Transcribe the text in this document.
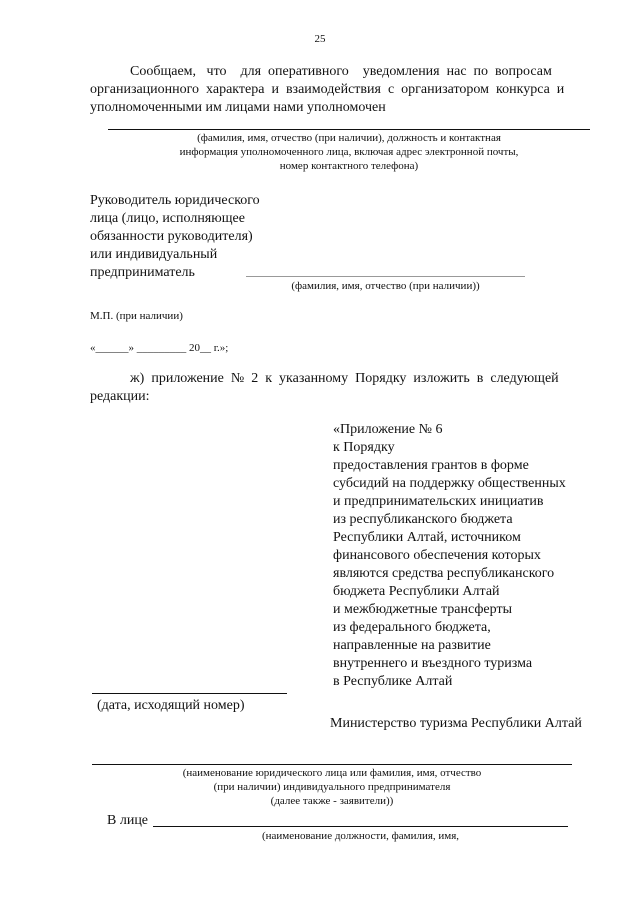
25
Сообщаем,   что    для  оперативного    уведомления  нас  по  вопросам
организационного  характера  и  взаимодействия  с  организатором  конкурса  и
уполномоченными им лицами нами уполномочен
(фамилия, имя, отчество (при наличии), должность и контактная
информация уполномоченного лица, включая адрес электронной почты,
номер контактного телефона)
Руководитель юридического
лица (лицо, исполняющее
обязанности руководителя)
или индивидуальный
предприниматель
(фамилия, имя, отчество (при наличии))
М.П. (при наличии)
«______» _________ 20__ г.»;
ж)  приложение  №  2  к  указанному  Порядку  изложить  в  следующей
редакции:
«Приложение № 6
к Порядку
предоставления грантов в форме
субсидий на поддержку общественных
и предпринимательских инициатив
из республиканского бюджета
Республики Алтай, источником
финансового обеспечения которых
являются средства республиканского
бюджета Республики Алтай
и межбюджетные трансферты
из федерального бюджета,
направленные на развитие
внутреннего и въездного туризма
в Республике Алтай
(дата, исходящий номер)
Министерство туризма Республики Алтай
(наименование юридического лица или фамилия, имя, отчество
(при наличии) индивидуального предпринимателя
(далее также - заявители))
В лице
(наименование должности, фамилия, имя,
